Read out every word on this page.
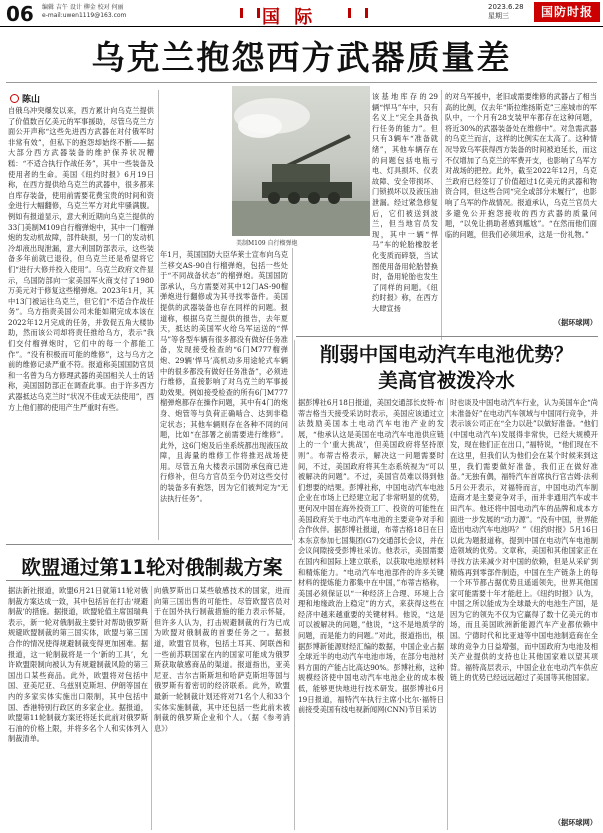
06 编辑 吉午 设计 柳金 校对 何丽
e-mail:uwen1119@163.com	国 际	2023.6.28
星期三	国防时报
乌克兰抱怨西方武器质量差
陈山
自俄乌冲突爆发以来，西方累计向乌克兰提供了价值数百亿美元的军事援助，尽管乌克兰方面公开声称“这些先进西方武器在对付俄军时非常有效”，但私下的抱怨却始终不断——据大部分西方武器装备的维护保养状况糟糕：“不适合执行作战任务”，其中一些装备及使用者的生命。美国《纽约时报》6月19日称，在西方提供给乌克兰的武器中，很多都来自库存装备，使用前需要花费宝贵的时间和资金进行大幅翻修，乌克兰军方对此牢骚满腹。例如有报道显示，意大利近期向乌克兰提供的33门美制M109自行榴弹炮中，其中一门榴弹炮的发动机故障，部件缺损，另一门的发动机冷却液出现泄漏，意大利国防部表示，这些装备多年前就已退役，但乌克兰还是希望将它们“进行大修并投入使用”。乌克兰政府文件显示，乌国防部向一家美国军火商支付了1980万美元对于修复这些榴弹炮。2023年1月，其中13门被运往乌克兰，但它们“不适合作战任务”。乌方指责美国公司未能如期完成本该在2022年12月完成的任务，并敦促五角大楼协助，然而该公司却将责任推给乌方，表示“我们交付榴弹炮时，它们中的每一个都能工作”。“没有积极而可能的维修”，这与乌方之前的维修记录严重不符。报道称美国国防官员和一名曾为乌方修理武器的美国相关人士的话称，美国国防部正在调查此事。由于许多西方武器抵达乌克兰时“状况不佳或无法使用”，西方上他们都的使用产生严重时有些。
美制M109 自行榴弹炮
年1月，英国国防大臣华莱士宣布向乌克兰移交AS-90自行榴弹炮，包括一些处于“不同战备状态”的榴弹炮。英国国防部承认，乌方需要对其中12门AS-90榴弹炮进行翻修或为其寻找零备件。美国提供的武器装备也存在同样的问题。报道称，根据乌克兰提供的报告，去年夏天，抵达的美国军火给乌军运送的“悍马”等各型车辆有很多都没有做好任务准备，发现接受检查的“6门M777榴弹炮、29辆‘悍马’高机动多用途轮式车辆中的很多都没有做好任务准备”，必须进行维修，直接影响了对乌克兰的军事援助效果。例如接受检查的所有6门M777榴弹炮都存在操作问题，其中有4门的炮身、炮管等与负荷正确啮合、达到非稳定状态；其他车辆则存在各种不同的问题，比如“在部署之前需要进行维修”。此外，这6门炮及后坐系统都出现液压故障，且海量的维修工作将推迟战场使用。尽管五角大楼表示国防承包商已进行修补，但乌方官员至今仍对这些交付的装备多有抱怨，因为它们被判定为“无法执行任务”。
该基地库存的29辆“悍马”车中，只有名义上“完全具备执行任务的能力”。但只有3辆车“准备就绪”，其他车辆存在的问题包括电瓶亏电、灯具损坏、仪表故障、安全带损坏、门锁损坏以及液压油泄漏。经过紧急修复后，它们被送到波兰，但当地官员发现，其中一辆“悍马”车的轮胎橡胶老化变质而碎裂，当试图使用备用轮胎替换时，备用轮胎也发生了同样的问题。《纽约时报》称，在西方大肆宣扬
的对乌军援中，老旧或需要维修的武器占了相当高的比例，仅去年“斯拉维扬斯克”三座城市的军队中，一个月有28支装甲车都存在这种问题，将近30%的武器装备处在维修中”。对急需武器的乌克兰而言，这样的比例实在太高了。这种情况导致乌军获得西方装备的时间被迫延长，而这不仅增加了乌克兰的军费开支，也影响了乌军方对战场的把控。此外，截至2022年12月，乌克兰政府已经签订了价值超过1亿美元的武器和物资合同，但这些合同“完全或部分未履行”，也影响了乌军的作战情况。报道承认，乌克兰官员大多避免公开抱怨接收的西方武器的质量问题，“以免让捐助者感到尴尬”。“在然而他们面临的问题，但我们必须坦承，这是一份礼物。”
（据环球网）
削弱中国电动汽车电池优势？
美高官被泼冷水
据彭博社6月18日报道，美国交通部长皮特·布蒂吉格当天接受采访时表示，美国应该通过立法鼓励美国本土电动汽车电池产业的发展，“他承认这是美国在电动汽车电池供应链上的一个‘重大挑战’，但美国政府将坚持原则”。布蒂吉格表示，解决这一问题需要时间，不过，美国政府将其生态系统视为“可以被解决的问题”。不过，美国官员难以得到他们想要的结果。彭博社称，中国电动汽车电池企业在市场上已经建立起了非常明显的优势，更何况中国在海外投资工厂、投资的可能性在美国政府关于电动汽车电池的主要竞争对手和合作伙伴。据彭博社报道，布蒂吉格18日在日本东京参加七国集团(G7)交通部长会议，并在会议间隙接受彭博社采访。他表示，美国需要在国内和国际上建立联系，以获取电池原材料和精炼能力。“电动汽车电池部件的许多关键材料的提炼能力都集中在中国，”布蒂吉格称，美国必须保证以“一种经济上合理、环境上合理和地缘政治上稳定”的方式，来获得这些在经济中越来越重要的关键材料。他说，“这是可以被解决的问题，”他说，“这不是地质学的问题，而是能力的问题。”对此，报道指出，根据彭博新能源财经汇编的数据，中国企业占据全球近半的电动汽车电池市场，在部分电池材料方面的产能占比高达90%。彭博社称，这种规模经济使中国电动汽车电池企业的成本极低，能够更快地进行技术研发。据彭博社6月19日报道，福特汽车执行主席小比尔·福特日前接受美国有线电视新闻网(CNN)节目采访
时也谈及中国电动汽车行业，认为美国车企“尚未准备好”在电动汽车领域与中国同行竞争，并表示该公司正在“全力以赴”以做好准备。“他们(中国电动汽车)发展得非常快，已经大规模开发，现在他们正在出口，”福特说，“他们现在不在这里，但我们认为他们会在某个时候来到这里，我们需要做好准备，我们正在做好准备。”无独有偶，福特汽车首席执行官吉姆·法利5月公开表示，对福特而言，中国电动汽车制造商才是主要竞争对手，而并非通用汽车或丰田汽车。他还将中国电动汽车的品牌和成本方面进一步发展的“动力源”。“没有中国，世界能造出电动汽车电池吗？”《纽约时报》5月16日以此为题报道称，提到中国在电动汽车电池制造领域的优势。文章称，美国和其他国家正在寻找方法来减少对中国的依赖，但是从采矿到精炼再到零部件制造，中国在生产链条上的每一个环节都占据优势且遥遥领先，世界其他国家可能需要十年才能赶上。《纽约时报》认为，中国之所以能成为全球最大的电池生产国，是因为它的领先不仅为它赢得了数十亿美元的市场，而且美国欧洲新能源汽车产业都依赖中国。宁德时代和比亚迪等中国电池制造商在全球的竞争力日益增强，而中国政府为电池及相关产业提供的支持也让其他国家难以望其项背。福特高层表示，中国企业在电动汽车供应链上的优势已经远远超过了美国等其他国家。
（据环球网）
欧盟通过第11轮对俄制裁方案
据法新社报道，欧盟6月21日就第11轮对俄制裁方案达成一致，其中包括旨在打击‘规避制裁’的措施。据报道，欧盟轮值主席国瑞典表示，新一轮对俄制裁主要针对帮助俄罗斯规避欧盟制裁的第三国实体，欧盟与第三国合作的情况使得规避制裁变得更加困难。据报道，这一轮制裁将是一个‘新的工具’，允许欧盟限制向被认为有规避制裁风险的第三国出口某些商品。此外，欧盟将对包括中国、亚美尼亚、乌兹别克斯坦、伊朗等国在内的多家实体实施出口限制，其中包括中国、香港特别行政区的多家企业。据报道，欧盟第11轮制裁方案还将延长此前对俄罗斯石油的价格上限，并将多名个人和实体列入制裁清单。
向俄罗斯出口某些敏感技术的国家，进而向第三国出售的可能性。尽管欧盟官员对于在国外执行制裁措施的能力表示怀疑，但许多人认为，打击规避制裁的行为已成为欧盟对俄制裁的首要任务之一。据报道，欧盟官员称，包括土耳其、阿联酋和一些前苏联国家在内的国家可能成为俄罗斯获取敏感商品的渠道。报道指出，亚美尼亚、吉尔吉斯斯坦和哈萨克斯坦等国与俄罗斯有着密切的经济联系。此外，欧盟最新一轮制裁计划还将对71名个人和33个实体实施制裁，其中还包括一些此前未被制裁的俄罗斯企业和个人。（据《参考消息》）
